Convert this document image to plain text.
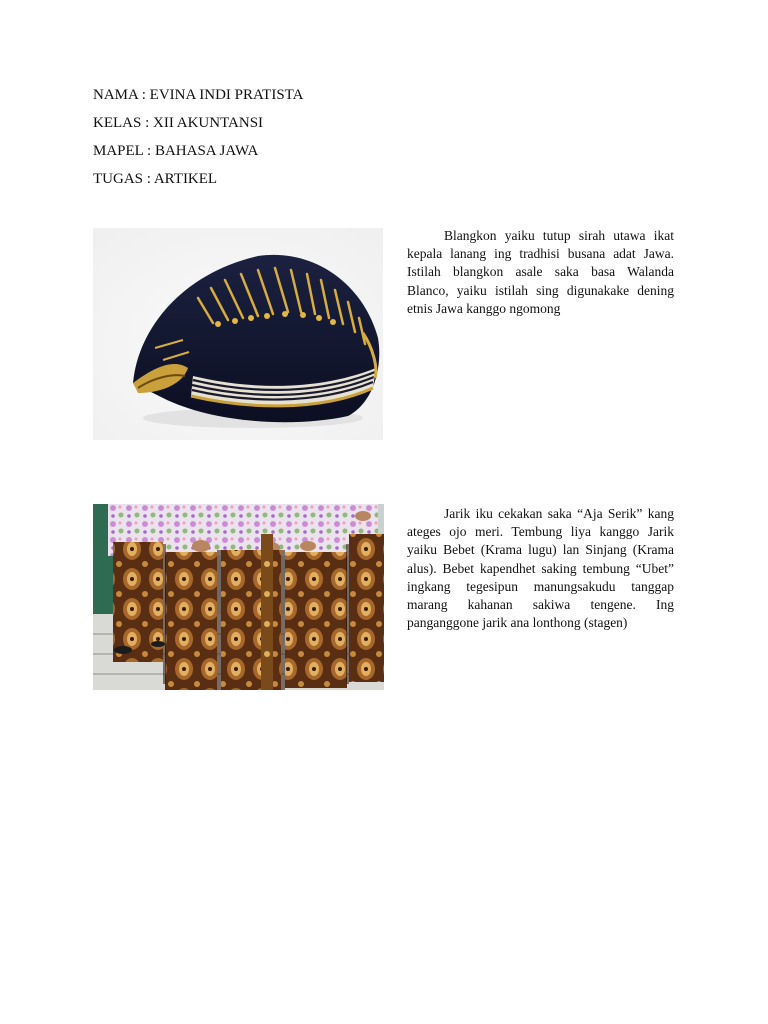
NAMA : EVINA INDI PRATISTA
KELAS : XII AKUNTANSI
MAPEL : BAHASA JAWA
TUGAS : ARTIKEL

Blangkon yaiku tutup sirah utawa ikat kepala lanang ing tradhisi busana adat Jawa. Istilah blangkon asale saka basa Walanda Blanco, yaiku istilah sing digunakake dening etnis Jawa kanggo ngomong

Jarik iku cekakan saka “Aja Serik” kang ateges ojo meri. Tembung liya kanggo Jarik yaiku Bebet (Krama lugu) lan Sinjang (Krama alus). Bebet kapendhet saking tembung “Ubet” ingkang tegesipun manungsakudu tanggap marang kahanan sakiwa tengene. Ing panganggone jarik ana lonthong (stagen)
